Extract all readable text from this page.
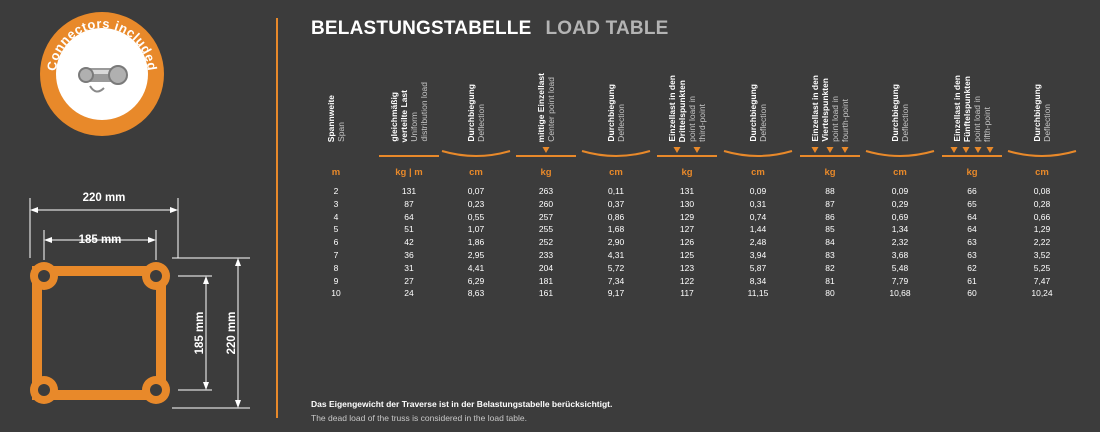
Connectors included
220 mm
185 mm
185 mm 220 mm
BELASTUNGSTABELLE LOAD TABLE
Spannweite Span
m
2
3
4
5
6
7
8
9
10
gleichmäßig verteilte Last Uniform distribution load
kg | m
131
87
64
51
42
36
31
27
24
Durchbiegung Deflection
cm
0,07
0,23
0,55
1,07
1,86
2,95
4,41
6,29
8,63
mittige Einzellast Center point load
kg
263
260
257
255
252
233
204
181
161
Durchbiegung Deflection
cm
0,11
0,37
0,86
1,68
2,90
4,31
5,72
7,34
9,17
Einzellast in den Drittelspunkten point load in third-point
kg
131
130
129
127
126
125
123
122
117
Durchbiegung Deflection
cm
0,09
0,31
0,74
1,44
2,48
3,94
5,87
8,34
11,15
Einzellast in den Viertelspunkten point load in fourth-point
kg
88
87
86
85
84
83
82
81
80
Durchbiegung Deflection
cm
0,09
0,29
0,69
1,34
2,32
3,68
5,48
7,79
10,68
Einzellast in den Fünftelspunkten point load in fifth-point
kg
66
65
64
64
63
63
62
61
60
Durchbiegung Deflection
cm
0,08
0,28
0,66
1,29
2,22
3,52
5,25
7,47
10,24
Das Eigengewicht der Traverse ist in der Belastungstabelle berücksichtigt.
The dead load of the truss is considered in the load table.
